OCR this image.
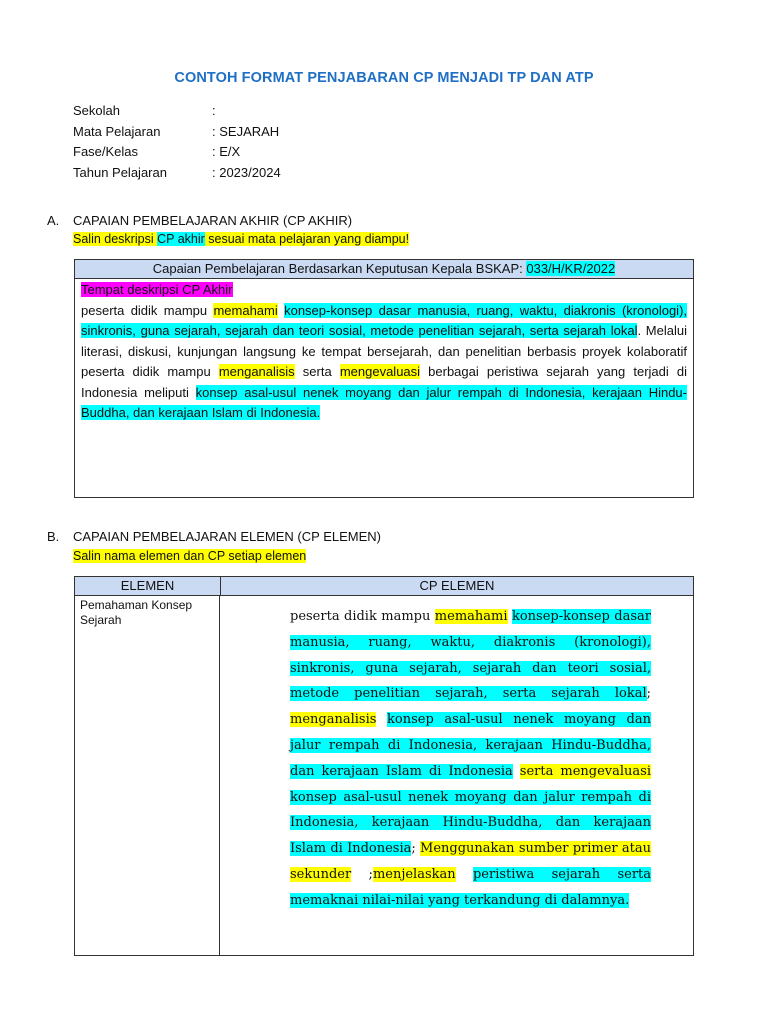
CONTOH FORMAT PENJABARAN CP MENJADI TP DAN ATP
Sekolah	:
Mata Pelajaran	: SEJARAH
Fase/Kelas	: E/X
Tahun Pelajaran	: 2023/2024
A. CAPAIAN PEMBELAJARAN AKHIR (CP AKHIR)
Salin deskripsi CP akhir sesuai mata pelajaran yang diampu!
Capaian Pembelajaran Berdasarkan Keputusan Kepala BSKAP: 033/H/KR/2022
Tempat deskripsi CP Akhir
peserta didik mampu memahami konsep-konsep dasar manusia, ruang, waktu, diakronis (kronologi), sinkronis, guna sejarah, sejarah dan teori sosial, metode penelitian sejarah, serta sejarah lokal. Melalui literasi, diskusi, kunjungan langsung ke tempat bersejarah, dan penelitian berbasis proyek kolaboratif peserta didik mampu menganalisis serta mengevaluasi berbagai peristiwa sejarah yang terjadi di Indonesia meliputi konsep asal-usul nenek moyang dan jalur rempah di Indonesia, kerajaan Hindu-Buddha, dan kerajaan Islam di Indonesia.
B. CAPAIAN PEMBELAJARAN ELEMEN (CP ELEMEN)
Salin nama elemen dan CP setiap elemen
ELEMEN	CP ELEMEN
Pemahaman Konsep Sejarah	peserta didik mampu memahami konsep-konsep dasar manusia, ruang, waktu, diakronis (kronologi), sinkronis, guna sejarah, sejarah dan teori sosial, metode penelitian sejarah, serta sejarah lokal; menganalisis konsep asal-usul nenek moyang dan jalur rempah di Indonesia, kerajaan Hindu-Buddha, dan kerajaan Islam di Indonesia serta mengevaluasi konsep asal-usul nenek moyang dan jalur rempah di Indonesia, kerajaan Hindu-Buddha, dan kerajaan Islam di Indonesia; Menggunakan sumber primer atau sekunder ;menjelaskan peristiwa sejarah serta memaknai nilai-nilai yang terkandung di dalamnya.
